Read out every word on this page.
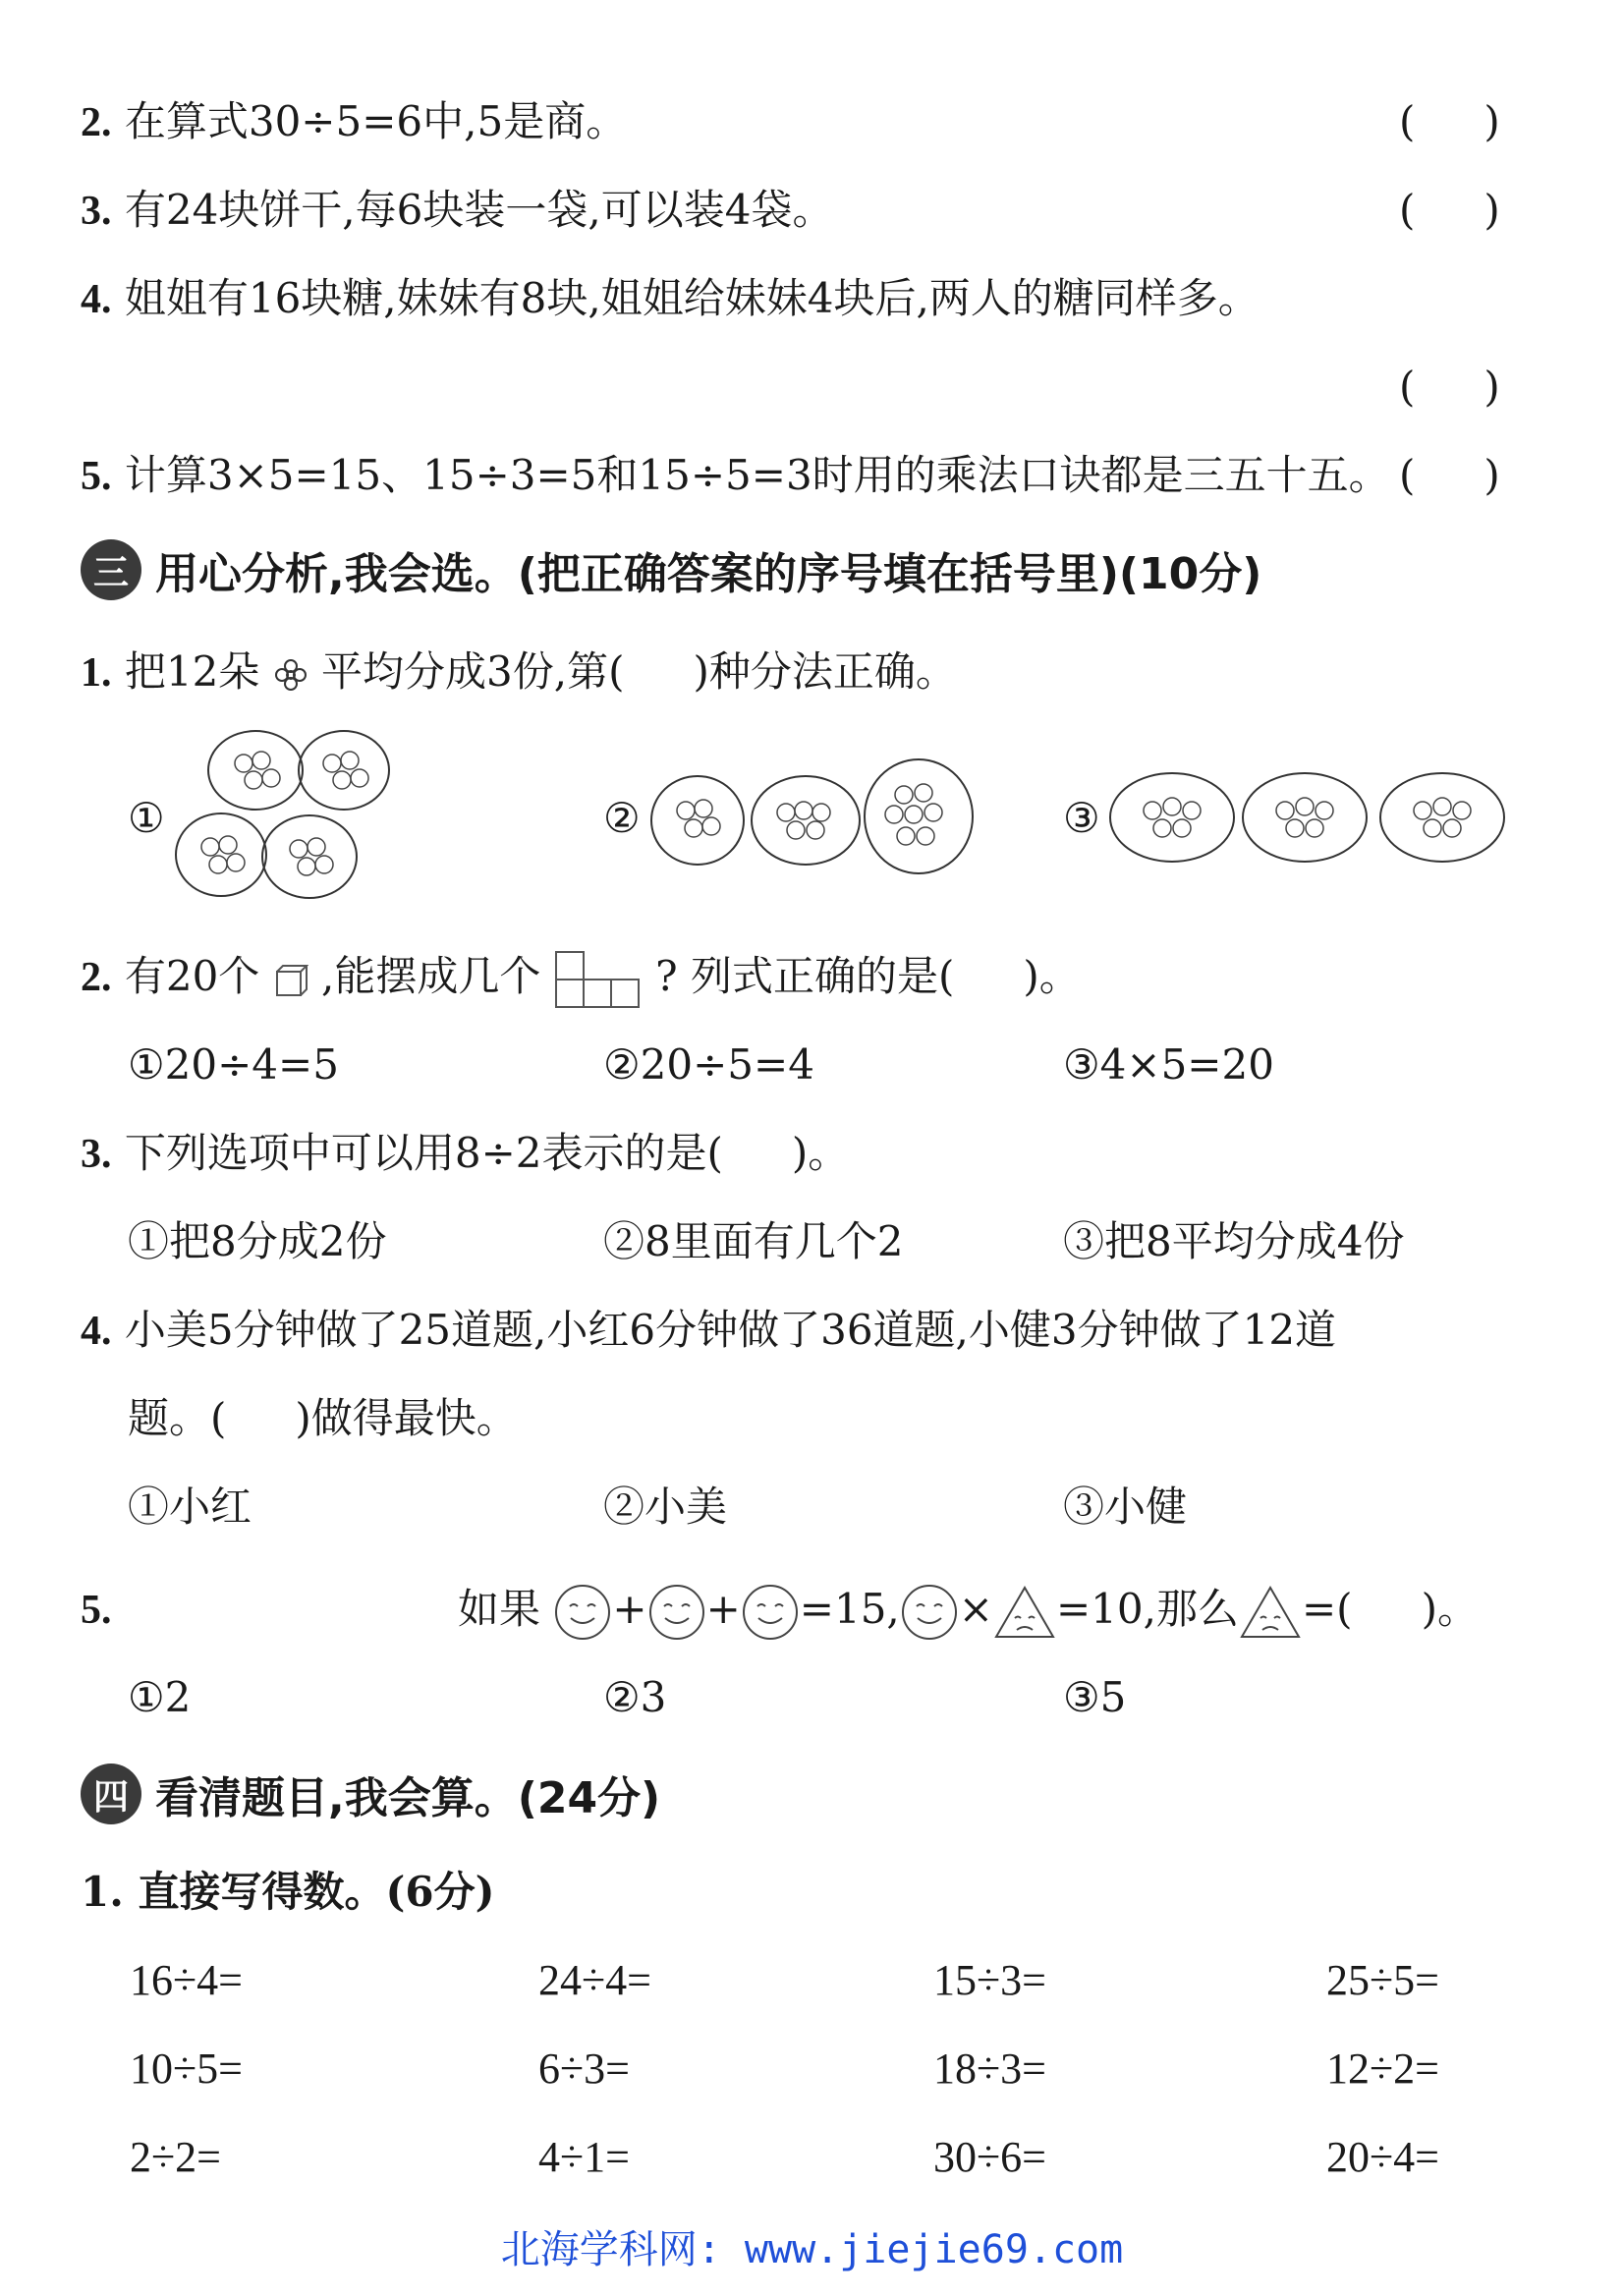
2. 在算式30÷5=6中,5是商。	( )
3. 有24块饼干,每6块装一袋,可以装4袋。	( )
4. 姐姐有16块糖,妹妹有8块,姐姐给妹妹4块后,两人的糖同样多。
( )
5. 计算3×5=15、15÷3=5和15÷5=3时用的乘法口诀都是三五十五。 ( )
三 用心分析,我会选。(把正确答案的序号填在括号里)(10分)
1. 把12朵 平均分成3份,第( )种分法正确。
①	②	③
2. 有20个 ,能摆成几个	? 列式正确的是( )。
①20÷4=5	②20÷5=4	③4×5=20
3. 下列选项中可以用8÷2表示的是( )。
①把8分成2份	②8里面有几个2	③把8平均分成4份
4. 小美5分钟做了25道题,小红6分钟做了36道题,小健3分钟做了12道
题。( )做得最快。
①小红	②小美	③小健
5.	如果 + + =15, × =10,那么 =( )。
①2	②3	③5
四 看清题目,我会算。(24分)
1. 直接写得数。(6分)
16÷4=	24÷4=	15÷3=	25÷5=
10÷5=	6÷3=	18÷3=	12÷2=
2÷2=	4÷1=	30÷6=	20÷4=
北海学科网: www.jiejie69.com
